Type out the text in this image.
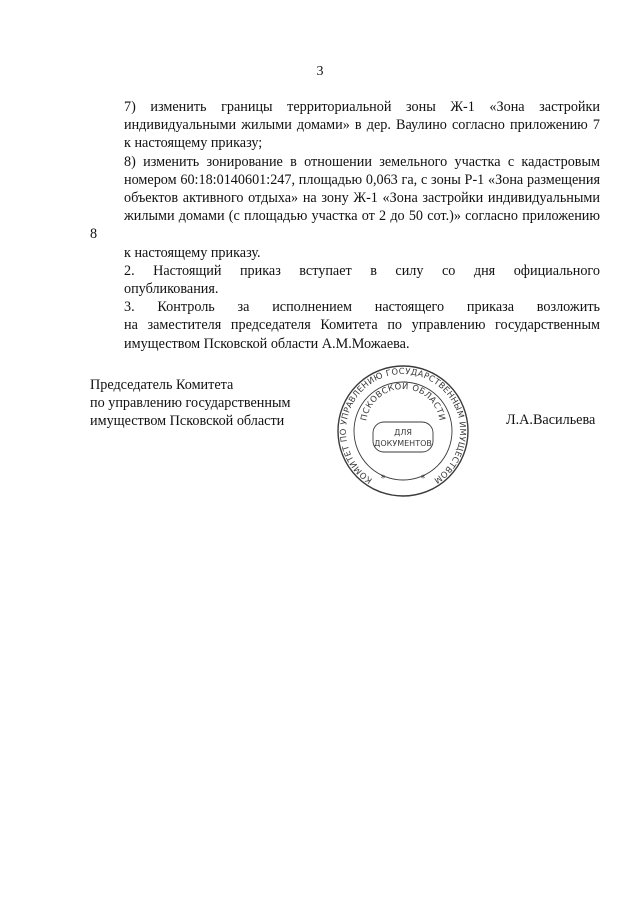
3

7) изменить границы территориальной зоны Ж-1 «Зона застройки
индивидуальными жилыми домами» в дер. Ваулино согласно приложению 7
к настоящему приказу;

8) изменить зонирование в отношении земельного участка с кадастровым
номером 60:18:0140601:247, площадью 0,063 га, с зоны Р-1 «Зона размещения
объектов активного отдыха» на зону Ж-1 «Зона застройки индивидуальными
жилыми домами (с площадью участка от 2 до 50 сот.)» согласно приложению 8
к настоящему приказу.

2. Настоящий приказ вступает в силу со дня официального
опубликования.

3. Контроль за исполнением настоящего приказа возложить
на заместителя председателя Комитета по управлению государственным
имуществом Псковской области А.М.Можаева.

Председатель Комитета
по управлению государственным
имуществом Псковской области	Л.А.Васильева
КОМИТЕТ ПО УПРАВЛЕНИЮ ГОСУДАРСТВЕННЫМ ИМУЩЕСТВОМ
ПСКОВСКОЙ ОБЛАСТИ
ДЛЯ
ДОКУМЕНТОВ
*	*
